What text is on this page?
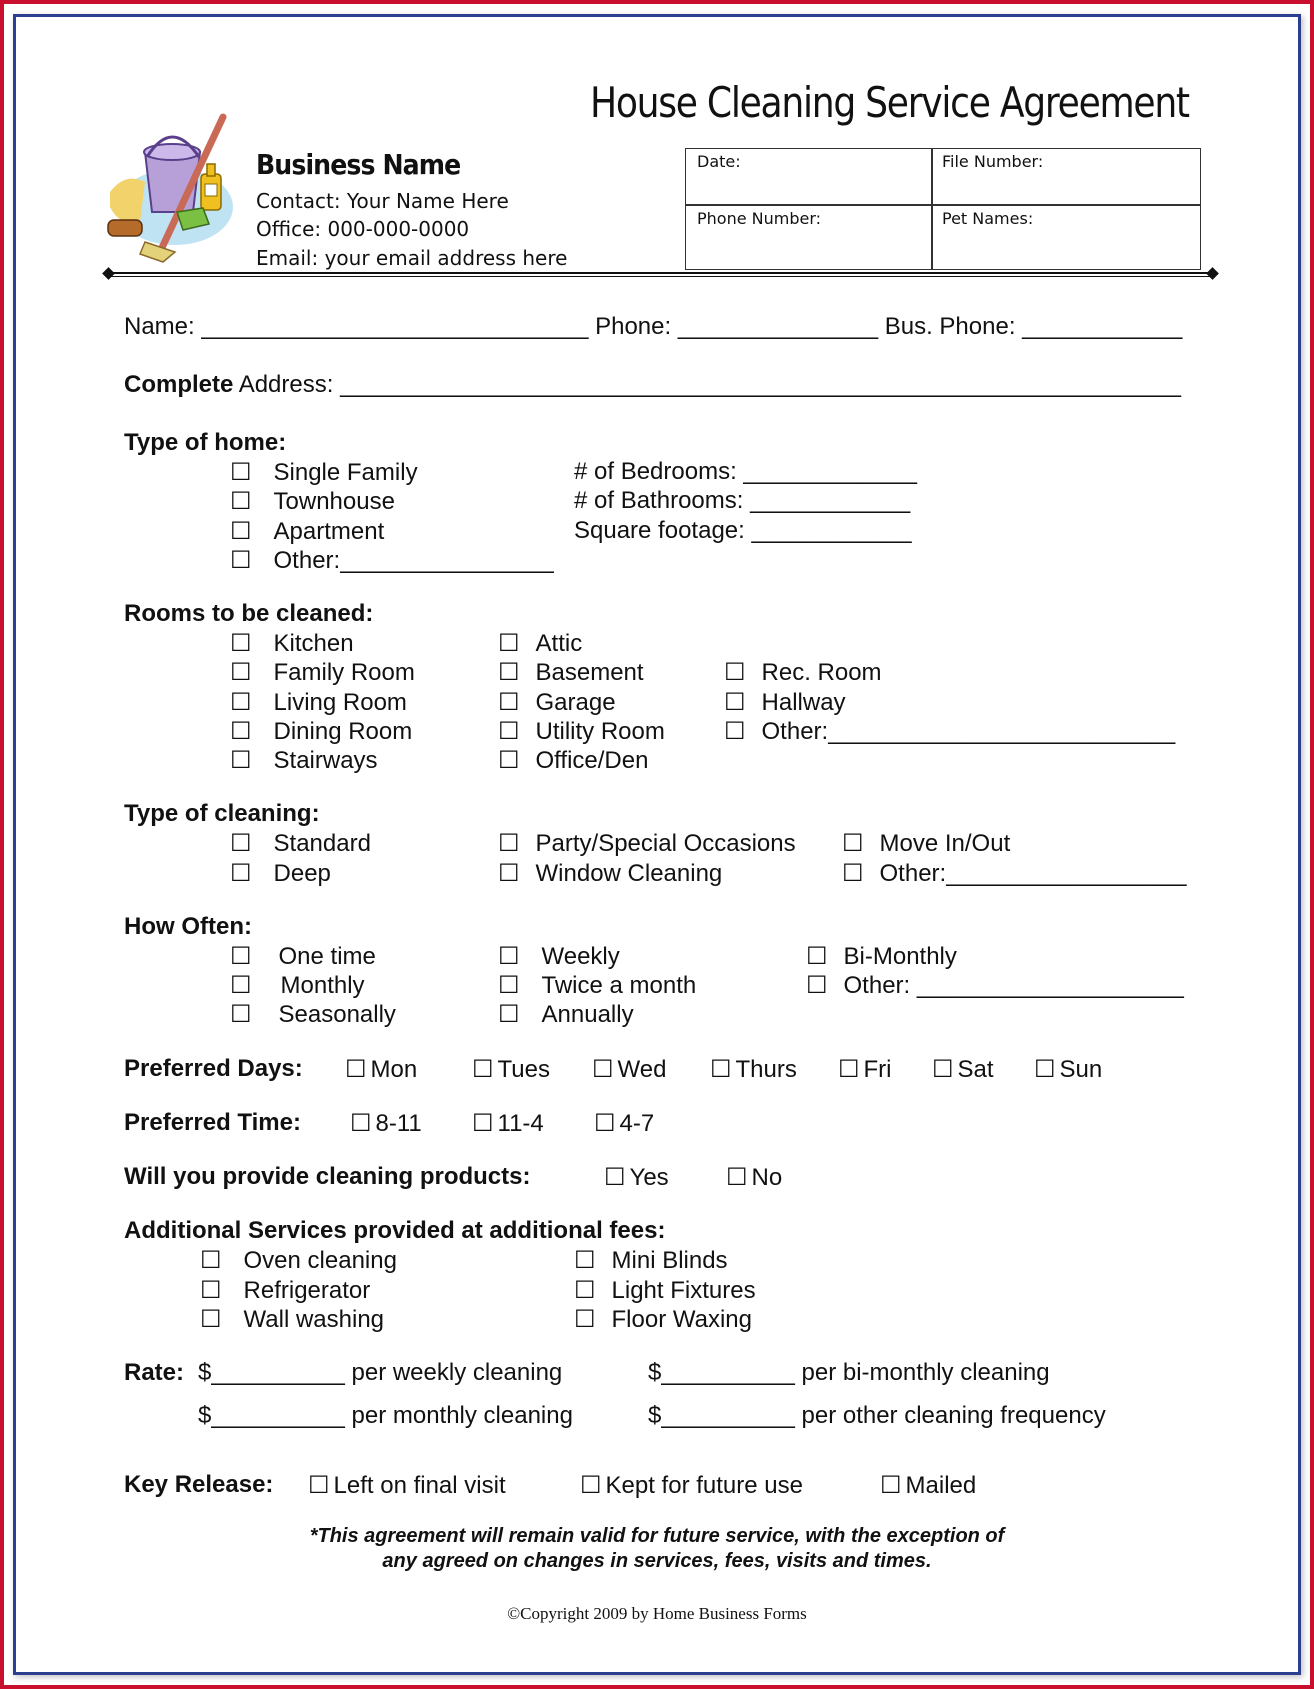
House Cleaning Service Agreement
Business Name
Contact: Your Name Here
Office: 000-000-0000
Email: your email address here
Date:	File Number:
Phone Number:	Pet Names:
Name: _____________________________ Phone: _______________ Bus. Phone: ____________
Complete Address: _______________________________________________________________
Type of home:
☐ Single Family
☐ Townhouse
☐ Apartment
☐ Other:________________
# of Bedrooms: _____________
# of Bathrooms: ____________
Square footage: ____________
Rooms to be cleaned:
☐ Kitchen
☐ Family Room
☐ Living Room
☐ Dining Room
☐ Stairways
☐ Attic
☐ Basement
☐ Garage
☐ Utility Room
☐ Office/Den
☐ Rec. Room
☐ Hallway
☐ Other:__________________________
Type of cleaning:
☐ Standard
☐ Deep
☐ Party/Special Occasions
☐ Window Cleaning
☐ Move In/Out
☐ Other:__________________
How Often:
☐ One time
☐ Monthly
☐ Seasonally
☐ Weekly
☐ Twice a month
☐ Annually
☐ Bi-Monthly
☐ Other: ____________________
Preferred Days: ☐ Mon ☐ Tues ☐ Wed ☐ Thurs ☐ Fri ☐ Sat ☐ Sun
Preferred Time: ☐ 8-11 ☐ 11-4 ☐ 4-7
Will you provide cleaning products:	☐ Yes ☐ No
Additional Services provided at additional fees:
☐ Oven cleaning
☐ Refrigerator
☐ Wall washing
☐ Mini Blinds
☐ Light Fixtures
☐ Floor Waxing
Rate: $__________ per weekly cleaning	$__________ per bi-monthly cleaning
$__________ per monthly cleaning	$__________ per other cleaning frequency
Key Release: ☐ Left on final visit	☐ Kept for future use	☐ Mailed
*This agreement will remain valid for future service, with the exception of
any agreed on changes in services, fees, visits and times.
©Copyright 2009 by Home Business Forms
